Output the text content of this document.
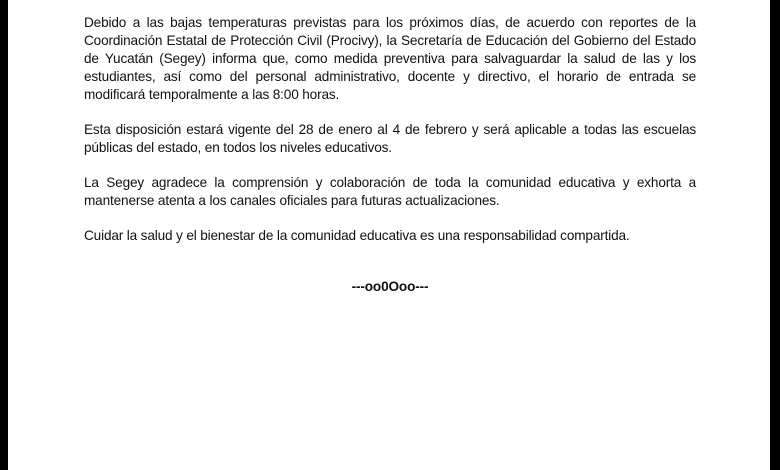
Debido a las bajas temperaturas previstas para los próximos días, de acuerdo con reportes de la Coordinación Estatal de Protección Civil (Procivy), la Secretaría de Educación del Gobierno del Estado de Yucatán (Segey) informa que, como medida preventiva para salvaguardar la salud de las y los estudiantes, así como del personal administrativo, docente y directivo, el horario de entrada se modificará temporalmente a las 8:00 horas.

Esta disposición estará vigente del 28 de enero al 4 de febrero y será aplicable a todas las escuelas públicas del estado, en todos los niveles educativos.

La Segey agradece la comprensión y colaboración de toda la comunidad educativa y exhorta a mantenerse atenta a los canales oficiales para futuras actualizaciones.

Cuidar la salud y el bienestar de la comunidad educativa es una responsabilidad compartida.

---oo0Ooo---
